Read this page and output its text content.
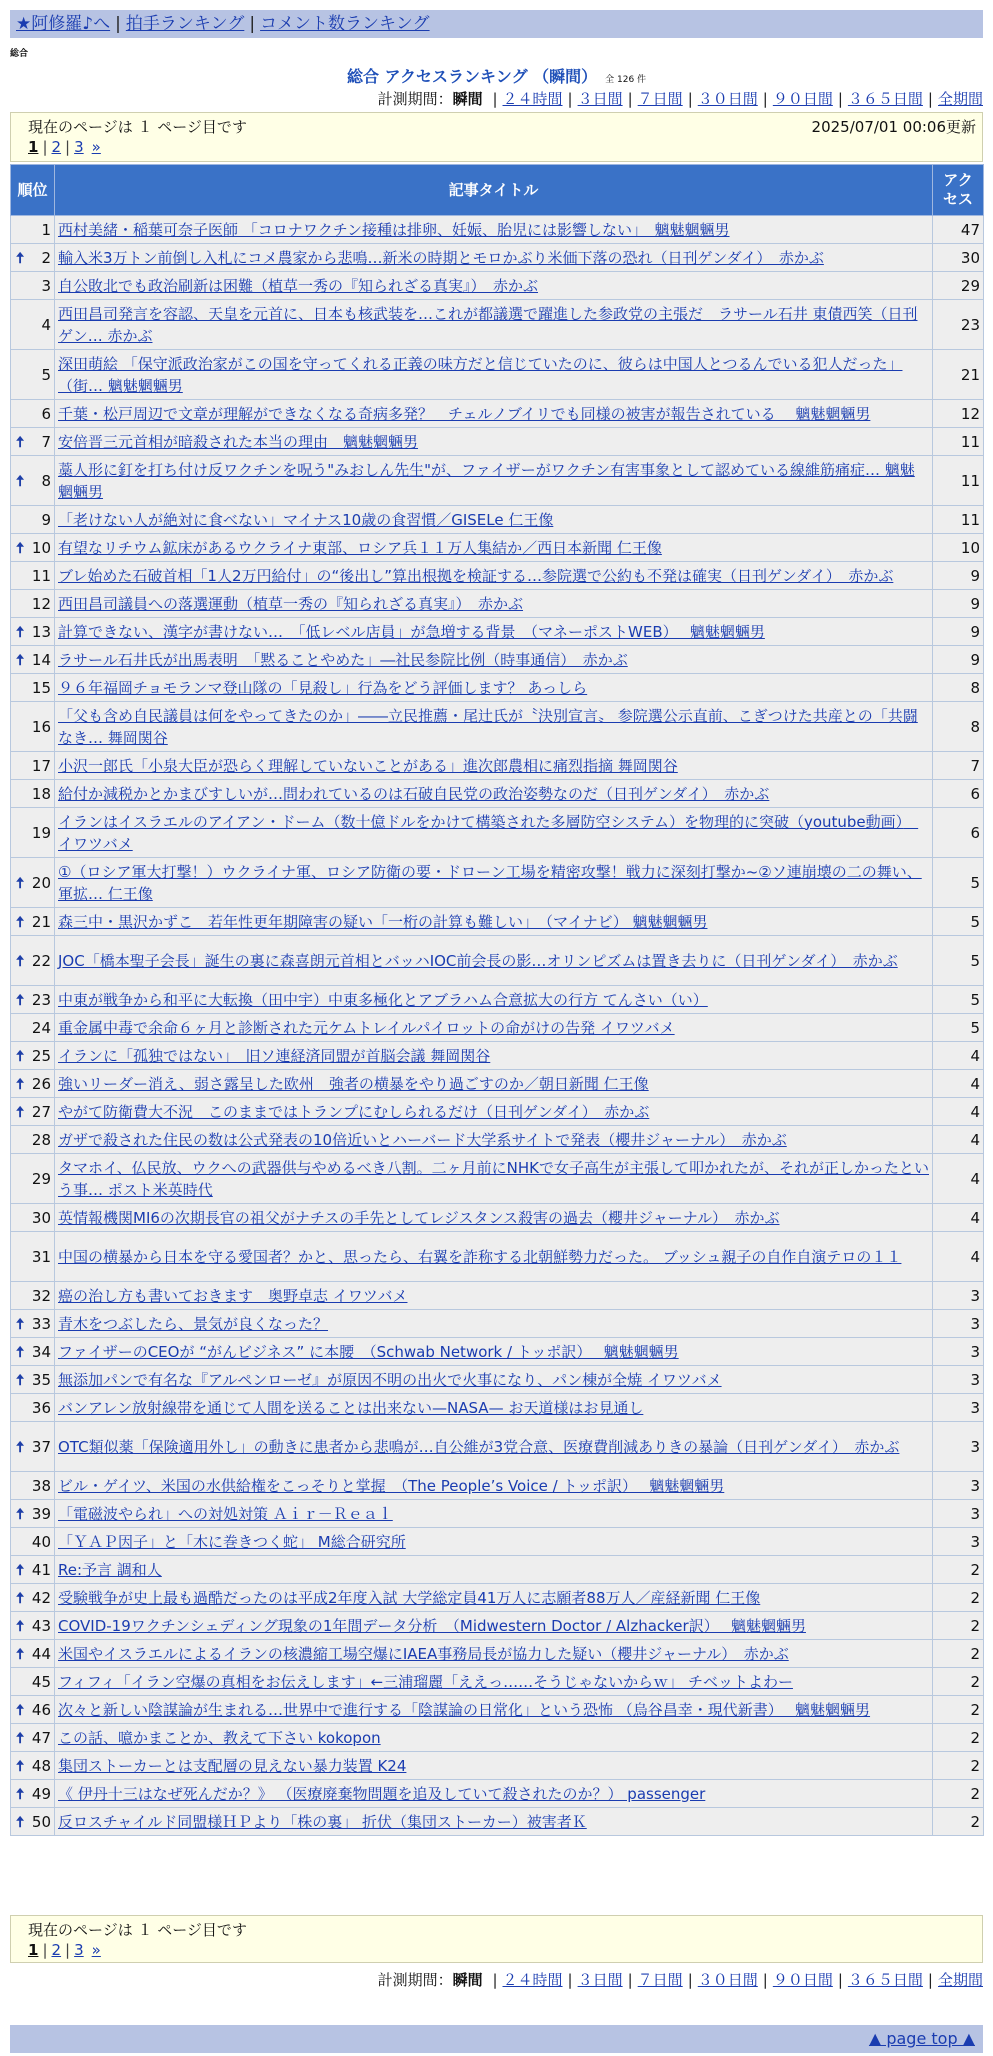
★阿修羅♪へ | 拍手ランキング | コメント数ランキング
総合
総合 アクセスランキング （瞬間） 全 126 件
計測期間：瞬間 | ２４時間 | ３日間 | ７日間 | ３０日間 | ９０日間 | ３６５日間 | 全期間
現在のページは １ ページ目です	2025/07/01 00:06更新
1 | 2 | 3 »
順位	記事タイトル	アクセス
1	西村美緒・稲葉可奈子医師 「コロナワクチン接種は排卵、妊娠、胎児には影響しない」　魑魅魍魎男	47

🠅 2	輸入米3万トン前倒し入札にコメ農家から悲鳴…新米の時期とモロかぶり米価下落の恐れ（日刊ゲンダイ）　赤かぶ	30
3	自公敗北でも政治刷新は困難（植草一秀の『知られざる真実』）　赤かぶ	29
4	西田昌司発言を容認、天皇を元首に、日本も核武装を…これが都議選で躍進した参政党の主張だ　ラサール石井 東債西笑（日刊ゲン… 赤かぶ	23
5	深田萌絵 「保守派政治家がこの国を守ってくれる正義の味方だと信じていたのに、彼らは中国人とつるんでいる犯人だった」（街… 魑魅魍魎男	21
6	千葉・松戸周辺で文章が理解ができなくなる奇病多発？　チェルノブイリでも同様の被害が報告されている　 魑魅魍魎男	12

🠅 7	安倍晋三元首相が暗殺された本当の理由　魑魅魍魎男	11

🠅 8	藁人形に釘を打ち付け反ワクチンを呪う"みおしん先生"が、ファイザーがワクチン有害事象として認めている線維筋痛症… 魑魅魍魎男	11
9	「老けない人が絶対に食べない」マイナス10歳の食習慣／GISELe 仁王像	11

🠅 10	有望なリチウム鉱床があるウクライナ東部、ロシア兵１１万人集結か／西日本新聞 仁王像	10
11	ブレ始めた石破首相「1人2万円給付」の“後出し”算出根拠を検証する…参院選で公約も不発は確実（日刊ゲンダイ）　赤かぶ	9
12	西田昌司議員への落選運動（植草一秀の『知られざる真実』）　赤かぶ	9

🠅 13	計算できない、漢字が書けない…　「低レベル店員」が急増する背景　（マネーポストWEB）　 魑魅魍魎男	9

🠅 14	ラサール石井氏が出馬表明　「黙ることやめた」―社民参院比例（時事通信）　赤かぶ	9
15	９６年福岡チョモランマ登山隊の「見殺し」行為をどう評価します？ あっしら	8
16	「父も含め自民議員は何をやってきたのか」――立民推薦・尾辻氏が〝決別宣言〟 参院選公示直前、こぎつけた共産との「共闘なき… 舞岡関谷	8
17	小沢一郎氏「小泉大臣が恐らく理解していないことがある」進次郎農相に痛烈指摘 舞岡関谷	7
18	給付か減税かとかまびすしいが…問われているのは石破自民党の政治姿勢なのだ（日刊ゲンダイ）　赤かぶ	6
19	イランはイスラエルのアイアン・ドーム（数十億ドルをかけて構築された多層防空システム）を物理的に突破（youtube動画）　イワツバメ	6

🠅 20	①（ロシア軍大打撃！）ウクライナ軍、ロシア防衛の要・ドローン工場を精密攻撃！戦力に深刻打撃か~②ソ連崩壊の二の舞い、軍拡… 仁王像	5

🠅 21	森三中・黒沢かずこ　若年性更年期障害の疑い「一桁の計算も難しい」　（マイナビ） 魑魅魍魎男	5

🠅 22	JOC「橋本聖子会長」誕生の裏に森喜朗元首相とバッハIOC前会長の影…オリンピズムは置き去りに（日刊ゲンダイ）　赤かぶ	5

🠅 23	中東が戦争から和平に大転換（田中宇）中東多極化とアブラハム合意拡大の行方 てんさい（い）	5
24	重金属中毒で余命６ヶ月と診断された元ケムトレイルパイロットの命がけの告発 イワツバメ	5

🠅 25	イランに「孤独ではない」　旧ソ連経済同盟が首脳会議 舞岡関谷	4

🠅 26	強いリーダー消え、弱さ露呈した欧州　強者の横暴をやり過ごすのか／朝日新聞 仁王像	4

🠅 27	やがて防衛費大不況　このままではトランプにむしられるだけ（日刊ゲンダイ）　赤かぶ	4
28	ガザで殺された住民の数は公式発表の10倍近いとハーバード大学系サイトで発表（櫻井ジャーナル）　赤かぶ	4
29	タマホイ、仏民放、ウクへの武器供与やめるべき八割。二ヶ月前にNHKで女子高生が主張して叩かれたが、それが正しかったという事… ポスト米英時代	4
30	英情報機関MI6の次期長官の祖父がナチスの手先としてレジスタンス殺害の過去（櫻井ジャーナル）　赤かぶ	4
31	中国の横暴から日本を守る愛国者？かと、思ったら、右翼を詐称する北朝鮮勢力だった。 ブッシュ親子の自作自演テロの１１	4
32	癌の治し方も書いておきます　奥野卓志 イワツバメ	3

🠅 33	青木をつぶしたら、景気が良くなった？	3

🠅 34	ファイザーのCEOが “がんビジネス” に本腰　（Schwab Network / トッポ訳）　 魑魅魍魎男	3

🠅 35	無添加パンで有名な『アルペンローゼ』が原因不明の出火で火事になり、パン棟が全焼 イワツバメ	3
36	バンアレン放射線帯を通じて人間を送ることは出来ない—NASA— お天道様はお見通し	3

🠅 37	OTC類似薬「保険適用外し」の動きに患者から悲鳴が…自公維が3党合意、医療費削減ありきの暴論（日刊ゲンダイ）　赤かぶ	3
38	ビル・ゲイツ、米国の水供給権をこっそりと掌握　（The People’s Voice / トッポ訳）　 魑魅魍魎男	3

🠅 39	「電磁波やられ」への対処対策 Ａｉｒ－Ｒｅａｌ	3
40	「ＹＡＰ因子」と「木に巻きつく蛇」 M総合研究所	3

🠅 41	Re:予言 調和人	2

🠅 42	受験戦争が史上最も過酷だったのは平成2年度入試 大学総定員41万人に志願者88万人／産経新聞 仁王像	2

🠅 43	COVID-19ワクチンシェディング現象の1年間データ分析　（Midwestern Doctor / Alzhacker訳）　 魑魅魍魎男	2

🠅 44	米国やイスラエルによるイランの核濃縮工場空爆にIAEA事務局長が協力した疑い（櫻井ジャーナル）　赤かぶ	2
45	フィフィ「イラン空爆の真相をお伝えします」←三浦瑠麗「ええっ……そうじゃないからｗ」 チベットよわー	2

🠅 46	次々と新しい陰謀論が生まれる…世界中で進行する「陰謀論の日常化」という恐怖 （烏谷昌幸・現代新書）　 魑魅魍魎男	2

🠅 47	この話、噫かまことか、教えて下さい kokopon	2

🠅 48	集団ストーカーとは支配層の見えない暴力装置 K24	2

🠅 49	《 伊丹十三はなぜ死んだか？》 （医療廃棄物問題を追及していて殺されたのか？） passenger	2

🠅 50	反ロスチャイルド同盟様ＨＰより「株の裏」 折伏（集団ストーカー）被害者Ｋ	2
現在のページは １ ページ目です
1 | 2 | 3 »
計測期間：瞬間 | ２４時間 | ３日間 | ７日間 | ３０日間 | ９０日間 | ３６５日間 | 全期間
▲ page top ▲
